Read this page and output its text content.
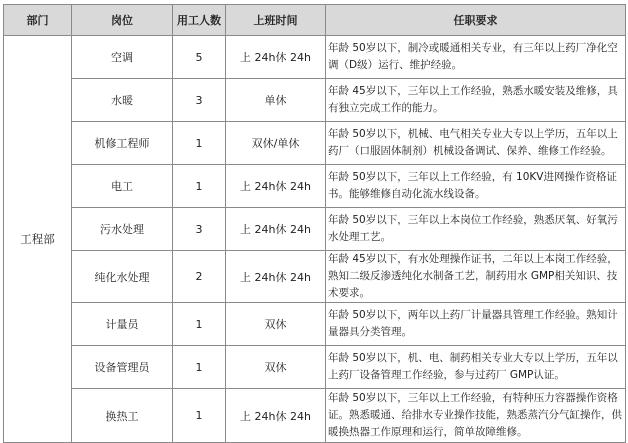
部门	岗位	用工人数	上班时间	任职要求
工程部	空调	5	上 24h休 24h	年龄 50岁以下，制冷或暖通相关专业，有三年以上药厂净化空调（D级）运行、维护经验。
	水暖	3	单休	年龄 45岁以下，三年以上工作经验，熟悉水暖安装及维修，具有独立完成工作的能力。
	机修工程师	1	双休/单休	年龄 50岁以下，机械、电气相关专业大专以上学历，五年以上药厂（口服固体制剂）机械设备调试、保养、维修工作经验。
	电工	1	上 24h休 24h	年龄 50岁以下，三年以上工作经验，有 10KV进网操作资格证书。能够维修自动化流水线设备。
	污水处理	3	上 24h休 24h	年龄 50岁以下，三年以上本岗位工作经验，熟悉厌氧、好氧污水处理工艺。
	纯化水处理	2	上 24h休 24h	年龄 45岁以下，有水处理操作证书，二年以上本岗工作经验，熟知二级反渗透纯化水制备工艺，制药用水 GMP相关知识、技术要求。
	计量员	1	双休	年龄 50岁以下，两年以上药厂计量器具管理工作经验。熟知计量器具分类管理。
	设备管理员	1	双休	年龄 50岁以下，机、电、制药相关专业大专以上学历，五年以上药厂设备管理工作经验，参与过药厂 GMP认证。
	换热工	1	上 24h休 24h	年龄 50岁以下，三年以上工作经验，有特种压力容器操作资格证。熟悉暖通、给排水专业操作技能，熟悉蒸汽分气缸操作，供暖换热器工作原理和运行，简单故障维修。
